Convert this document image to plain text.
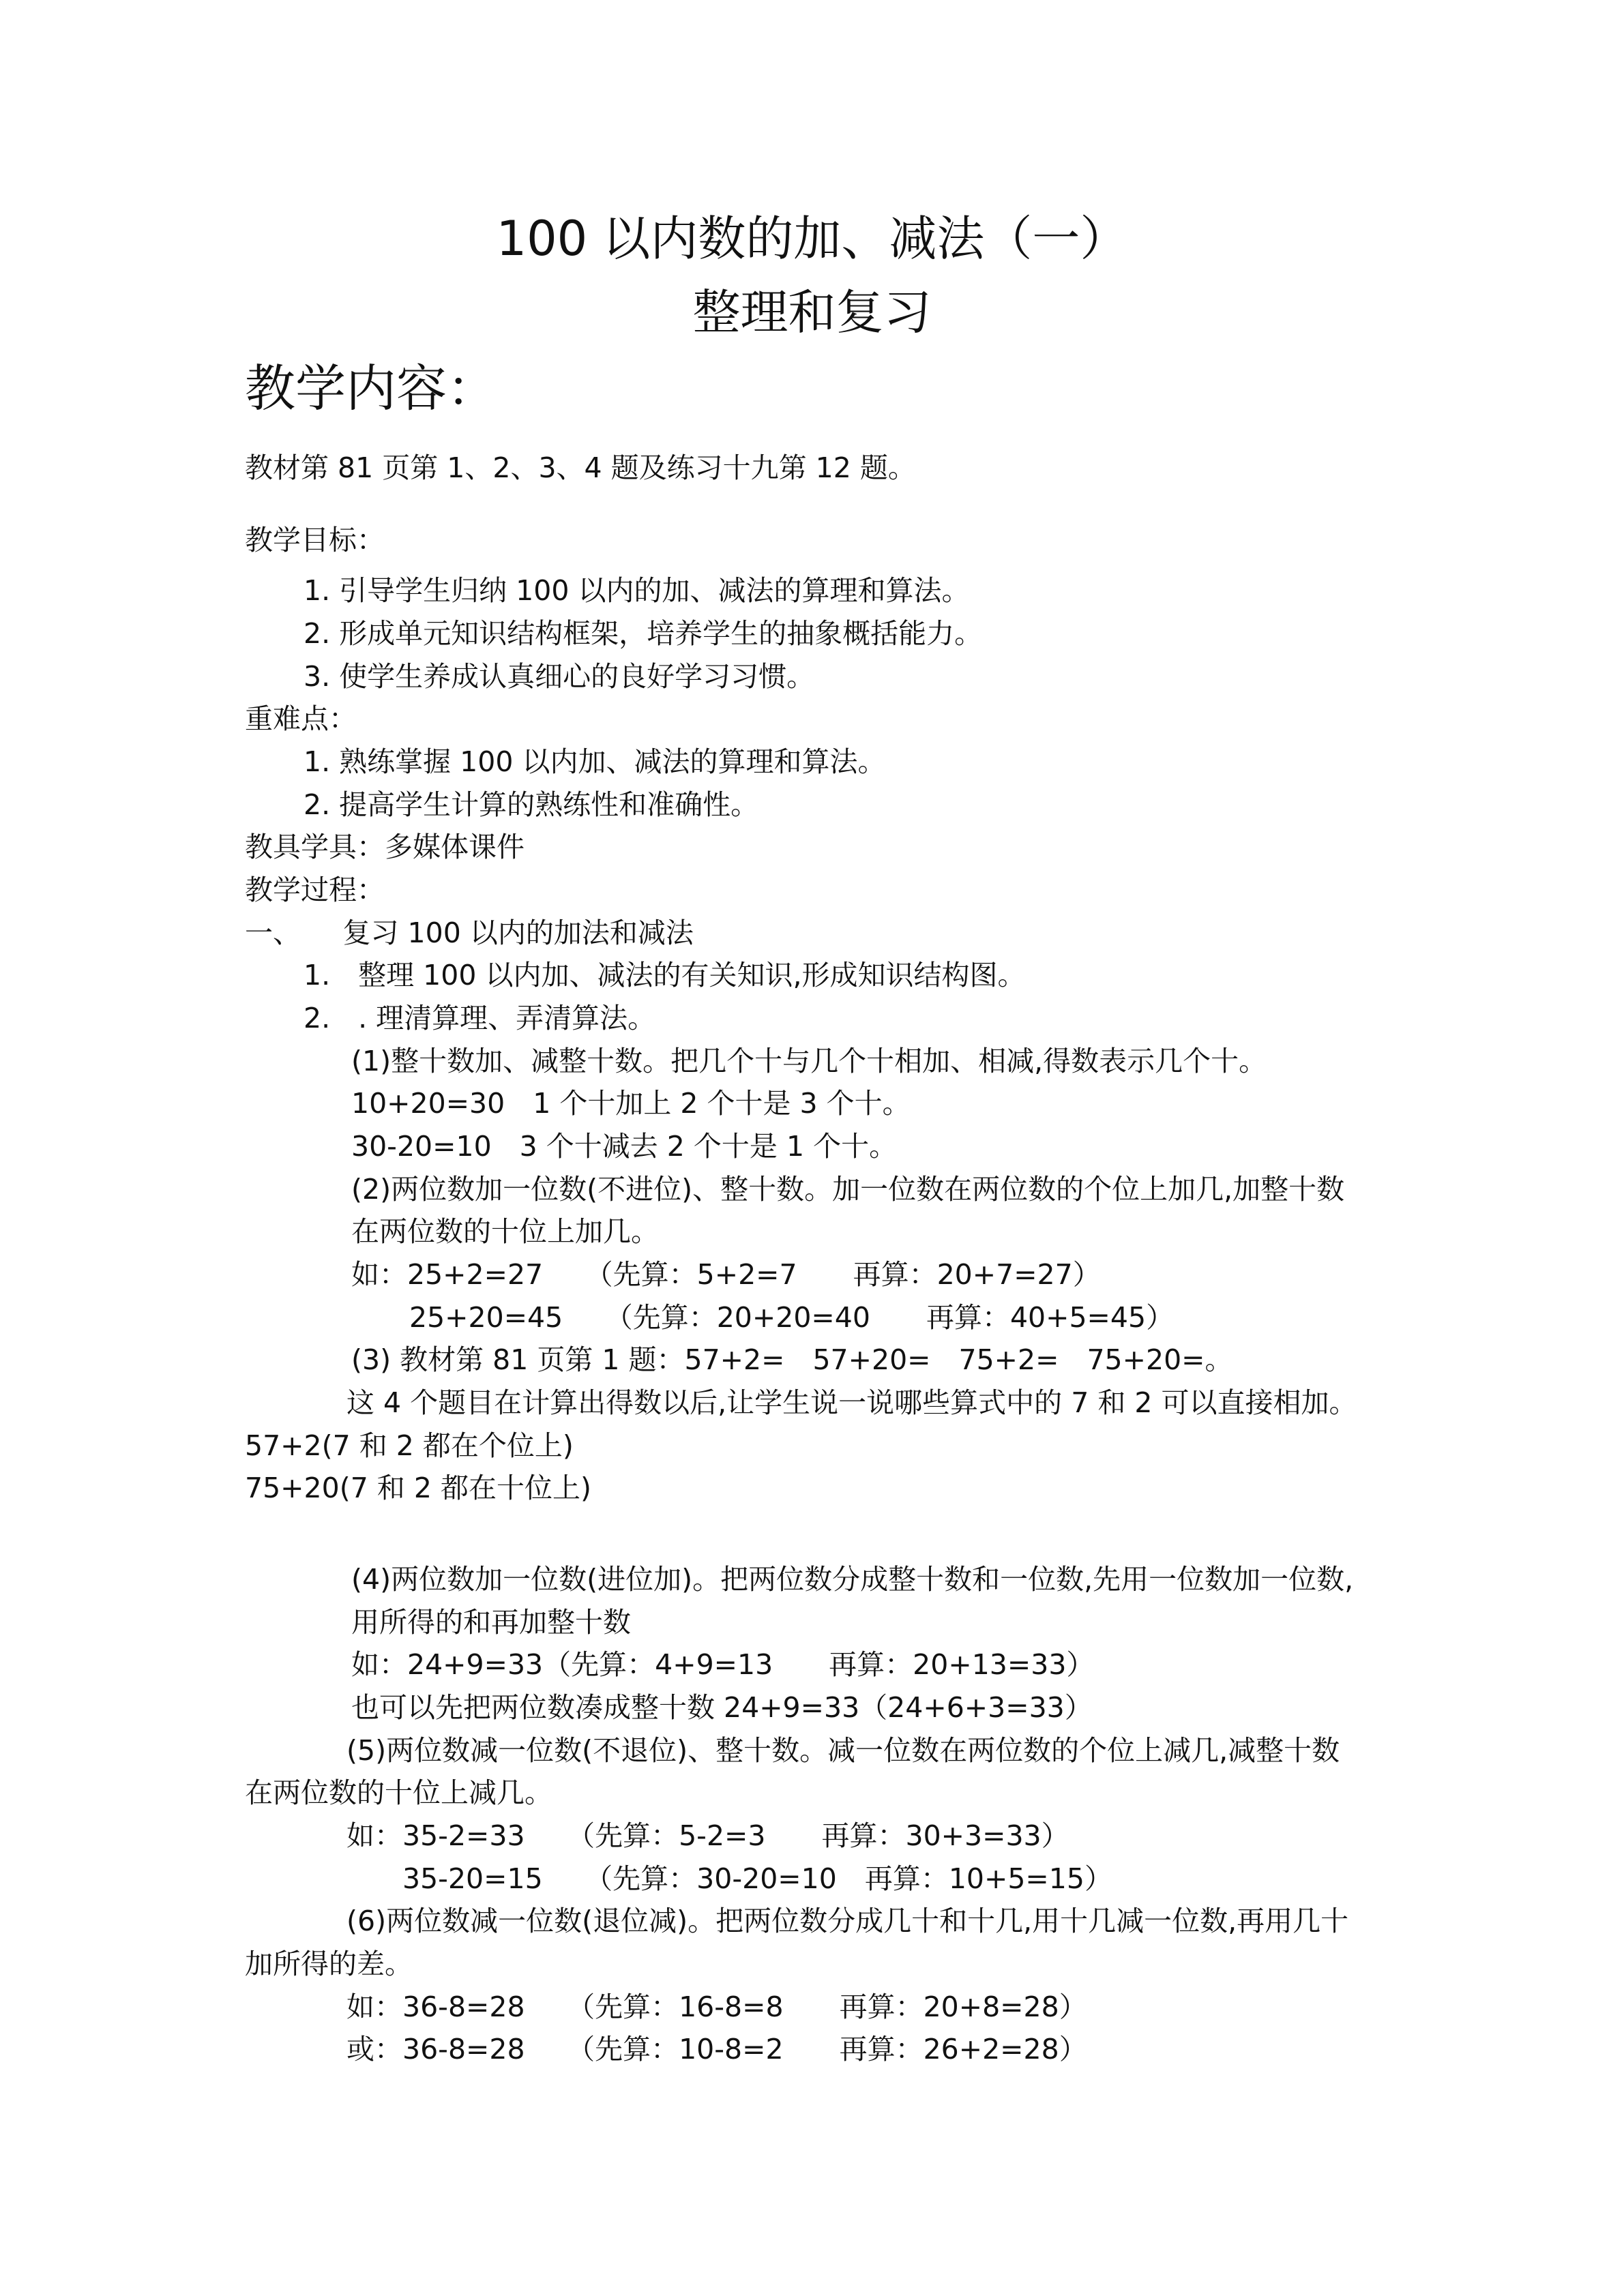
100 以内数的加、减法（一）
整理和复习
教学内容：
教材第 81 页第 1、2、3、4 题及练习十九第 12 题。
教学目标：
1. 引导学生归纳 100 以内的加、减法的算理和算法。
2. 形成单元知识结构框架，培养学生的抽象概括能力。
3. 使学生养成认真细心的良好学习习惯。
重难点：
1. 熟练掌握 100 以内加、减法的算理和算法。
2. 提高学生计算的熟练性和准确性。
教具学具：多媒体课件
教学过程：
一、　　复习 100 以内的加法和减法
1.　整理 100 以内加、减法的有关知识,形成知识结构图。
2.　. 理清算理、弄清算法。
(1)整十数加、减整十数。把几个十与几个十相加、相减,得数表示几个十。
10+20=30　1 个十加上 2 个十是 3 个十。
30-20=10　3 个十减去 2 个十是 1 个十。
(2)两位数加一位数(不进位)、整十数。加一位数在两位数的个位上加几,加整十数
在两位数的十位上加几。
如：25+2=27　　（先算：5+2=7　　再算：20+7=27）
25+20=45　　（先算：20+20=40　　再算：40+5=45）
(3) 教材第 81 页第 1 题：57+2=　57+20=　75+2=　75+20=。
这 4 个题目在计算出得数以后,让学生说一说哪些算式中的 7 和 2 可以直接相加。
57+2(7 和 2 都在个位上)
75+20(7 和 2 都在十位上)
(4)两位数加一位数(进位加)。把两位数分成整十数和一位数,先用一位数加一位数,
用所得的和再加整十数
如：24+9=33（先算：4+9=13　　再算：20+13=33）
也可以先把两位数凑成整十数 24+9=33（24+6+3=33）
(5)两位数减一位数(不退位)、整十数。减一位数在两位数的个位上减几,减整十数
在两位数的十位上减几。
如：35-2=33　　（先算：5-2=3　　再算：30+3=33）
35-20=15　　（先算：30-20=10　再算：10+5=15）
(6)两位数减一位数(退位减)。把两位数分成几十和十几,用十几减一位数,再用几十
加所得的差。
如：36-8=28　　（先算：16-8=8　　再算：20+8=28）
或：36-8=28　　（先算：10-8=2　　再算：26+2=28）
